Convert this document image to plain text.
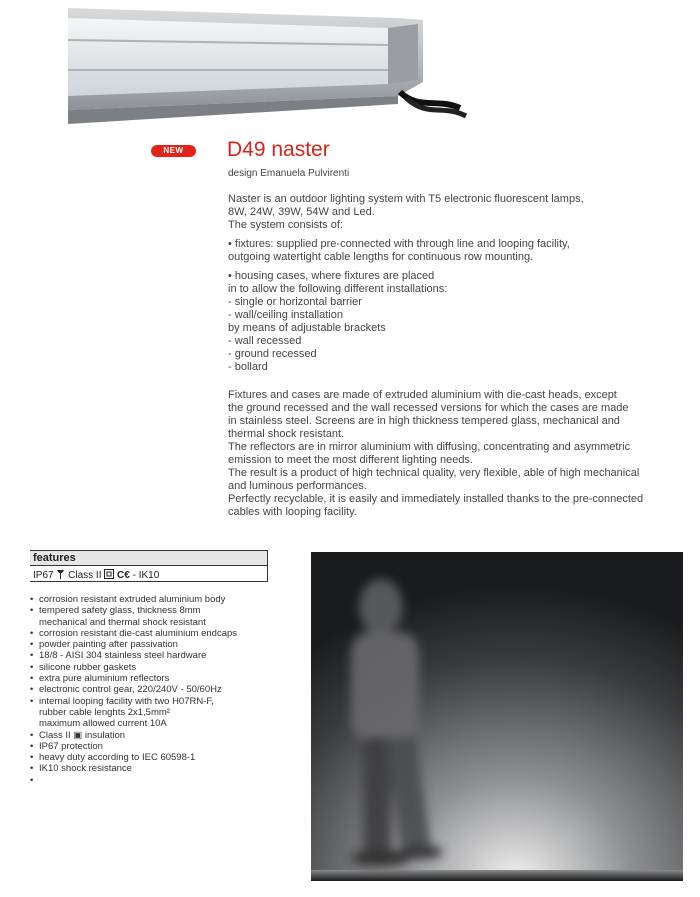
NEW	D49 naster
design Emanuela Pulvirenti

Naster is an outdoor lighting system with T5 electronic fluorescent lamps,
8W, 24W, 39W, 54W and Led.
The system consists of:

• fixtures: supplied pre-connected with through line and looping facility,
outgoing watertight cable lengths for continuous row mounting.

• housing cases, where fixtures are placed
in to allow the following different installations:
- single or horizontal barrier
- wall/ceiling installation
by means of adjustable brackets
- wall recessed
- ground recessed
- bollard

Fixtures and cases are made of extruded aluminium with die-cast heads, except
the ground recessed and the wall recessed versions for which the cases are made
in stainless steel. Screens are in high thickness tempered glass, mechanical and
thermal shock resistant.
The reflectors are in mirror aluminium with diffusing, concentrating and asymmetric
emission to meet the most different lighting needs.
The result is a product of high technical quality, very flexible, able of high mechanical
and luminous performances.
Perfectly recyclable, it is easily and immediately installed thanks to the pre-connected
cables with looping facility.

features
IP67 Class II C€ - IK10
• corrosion resistant extruded aluminium body
• tempered safety glass, thickness 8mm
mechanical and thermal shock resistant
• corrosion resistant die-cast aluminium endcaps
• powder painting after passivation
• 18/8 - AISI 304 stainless steel hardware
• silicone rubber gaskets
• extra pure aluminium reflectors
• electronic control gear, 220/240V - 50/60Hz
• internal looping facility with two H07RN-F,
rubber cable lenghts 2x1,5mm²
maximum allowed current 10A
• Class II ▣ insulation
• IP67 protection
• heavy duty according to IEC 60598-1
• IK10 shock resistance
•
